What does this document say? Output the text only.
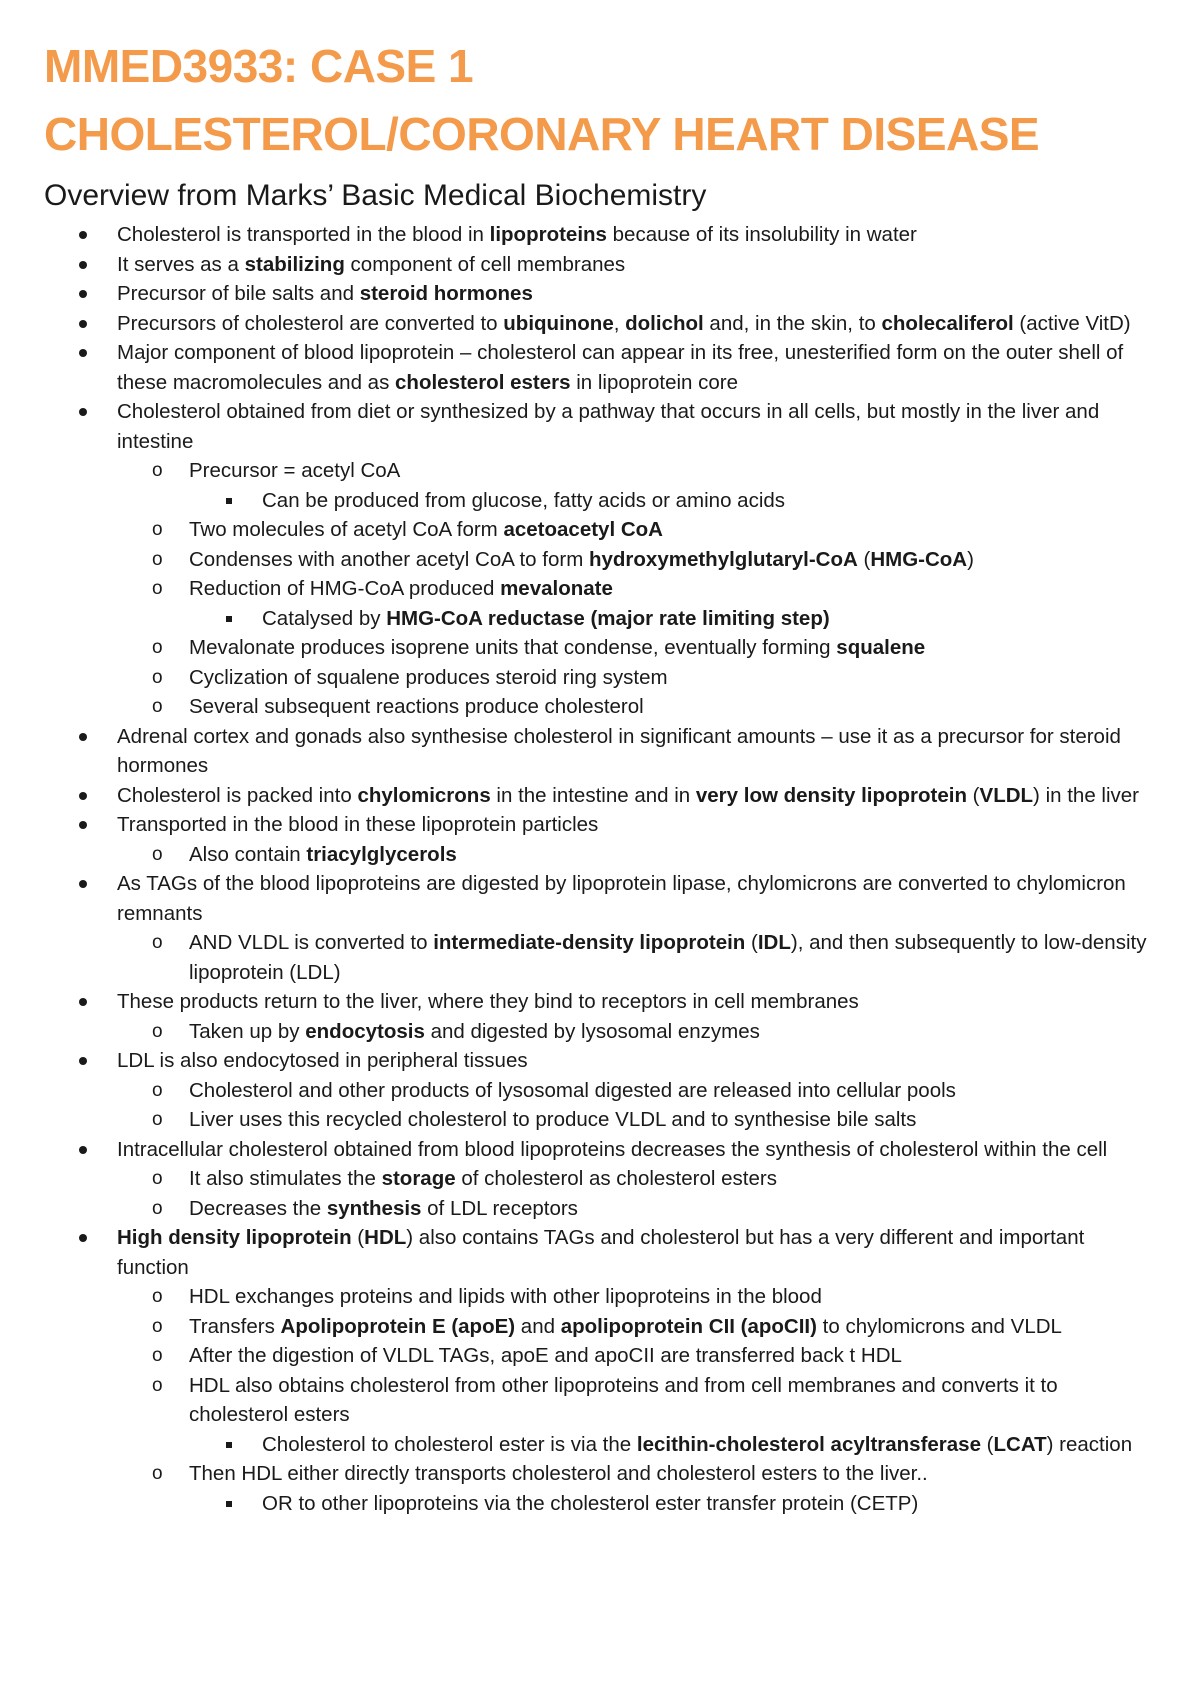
MMED3933: CASE 1
CHOLESTEROL/CORONARY HEART DISEASE
Overview from Marks’ Basic Medical Biochemistry

Cholesterol is transported in the blood in lipoproteins because of its insolubility in water

It serves as a stabilizing component of cell membranes

Precursor of bile salts and steroid hormones

Precursors of cholesterol are converted to ubiquinone, dolichol and, in the skin, to cholecaliferol (active VitD)

Major component of blood lipoprotein – cholesterol can appear in its free, unesterified form on the outer shell of these macromolecules and as cholesterol esters in lipoprotein core

Cholesterol obtained from diet or synthesized by a pathway that occurs in all cells, but mostly in the liver and intestine

o Precursor = acetyl CoA

Can be produced from glucose, fatty acids or amino acids

o Two molecules of acetyl CoA form acetoacetyl CoA

o Condenses with another acetyl CoA to form hydroxymethylglutaryl-CoA (HMG-CoA)

o Reduction of HMG-CoA produced mevalonate

Catalysed by HMG-CoA reductase (major rate limiting step)

o Mevalonate produces isoprene units that condense, eventually forming squalene

o Cyclization of squalene produces steroid ring system

o Several subsequent reactions produce cholesterol

Adrenal cortex and gonads also synthesise cholesterol in significant amounts – use it as a precursor for steroid hormones

Cholesterol is packed into chylomicrons in the intestine and in very low density lipoprotein (VLDL) in the liver

Transported in the blood in these lipoprotein particles

o Also contain triacylglycerols

As TAGs of the blood lipoproteins are digested by lipoprotein lipase, chylomicrons are converted to chylomicron remnants

o AND VLDL is converted to intermediate-density lipoprotein (IDL), and then subsequently to low-density lipoprotein (LDL)

These products return to the liver, where they bind to receptors in cell membranes

o Taken up by endocytosis and digested by lysosomal enzymes

LDL is also endocytosed in peripheral tissues

o Cholesterol and other products of lysosomal digested are released into cellular pools

o Liver uses this recycled cholesterol to produce VLDL and to synthesise bile salts

Intracellular cholesterol obtained from blood lipoproteins decreases the synthesis of cholesterol within the cell

o It also stimulates the storage of cholesterol as cholesterol esters

o Decreases the synthesis of LDL receptors

High density lipoprotein (HDL) also contains TAGs and cholesterol but has a very different and important function

o HDL exchanges proteins and lipids with other lipoproteins in the blood

o Transfers Apolipoprotein E (apoE) and apolipoprotein CII (apoCII) to chylomicrons and VLDL

o After the digestion of VLDL TAGs, apoE and apoCII are transferred back t HDL

o HDL also obtains cholesterol from other lipoproteins and from cell membranes and converts it to cholesterol esters

Cholesterol to cholesterol ester is via the lecithin-cholesterol acyltransferase (LCAT) reaction

o Then HDL either directly transports cholesterol and cholesterol esters to the liver..

OR to other lipoproteins via the cholesterol ester transfer protein (CETP)
